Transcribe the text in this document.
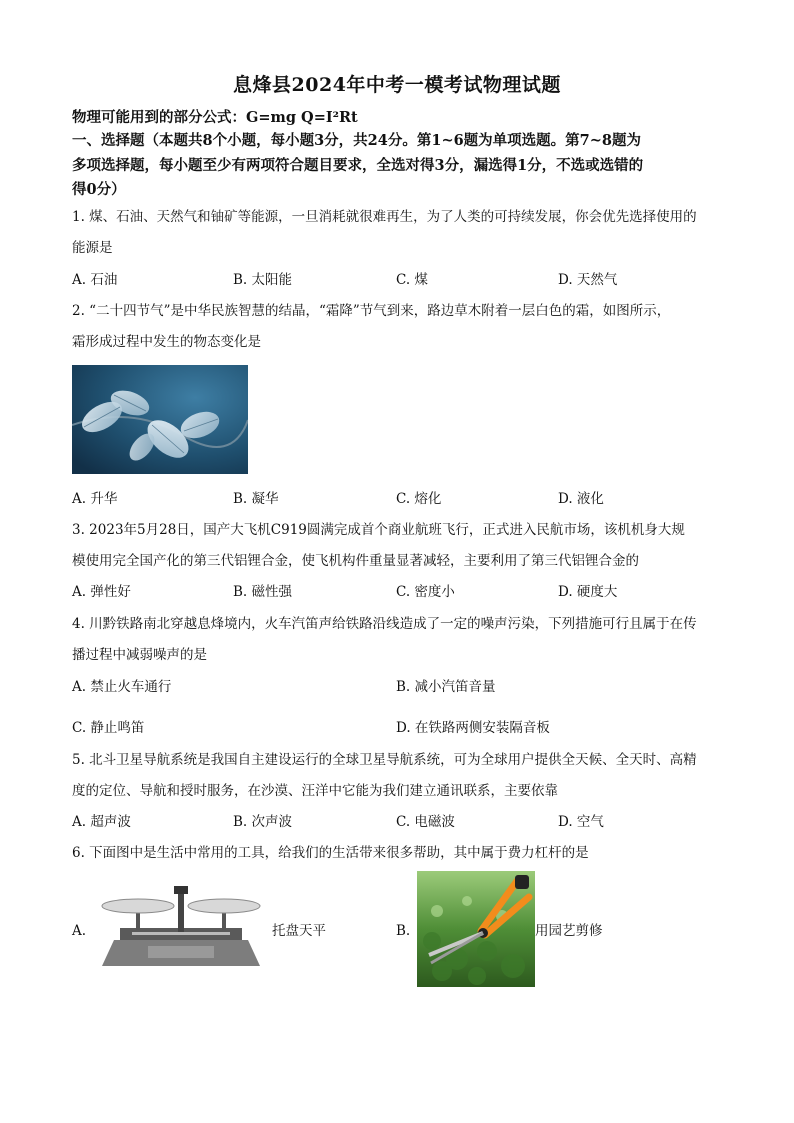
息烽县2024年中考一模考试物理试题
物理可能用到的部分公式：G=mg Q=I²Rt
一、选择题（本题共8个小题，每小题3分，共24分。第1~6题为单项选题。第7~8题为
多项选择题，每小题至少有两项符合题目要求，全选对得3分，漏选得1分，不选或选错的
得0分）
1. 煤、石油、天然气和铀矿等能源，一旦消耗就很难再生，为了人类的可持续发展，你会优先选择使用的
能源是
A. 石油	B. 太阳能	C. 煤	D. 天然气
2. “二十四节气”是中华民族智慧的结晶，“霜降”节气到来，路边草木附着一层白色的霜，如图所示，
霜形成过程中发生的物态变化是
A. 升华	B. 凝华	C. 熔化	D. 液化
3. 2023年5月28日，国产大飞机C919圆满完成首个商业航班飞行，正式进入民航市场，该机机身大规
模使用完全国产化的第三代铝锂合金，使飞机构件重量显著减轻，主要利用了第三代铝锂合金的
A. 弹性好	B. 磁性强	C. 密度小	D. 硬度大
4. 川黔铁路南北穿越息烽境内，火车汽笛声给铁路沿线造成了一定的噪声污染，下列措施可行且属于在传
播过程中减弱噪声的是
A. 禁止火车通行	B. 减小汽笛音量
C. 静止鸣笛	D. 在铁路两侧安装隔音板
5. 北斗卫星导航系统是我国自主建设运行的全球卫星导航系统，可为全球用户提供全天候、全天时、高精
度的定位、导航和授时服务，在沙漠、汪洋中它能为我们建立通讯联系，主要依靠
A. 超声波	B. 次声波	C. 电磁波	D. 空气
6. 下面图中是生活中常用的工具，给我们的生活带来很多帮助，其中属于费力杠杆的是
A.	托盘天平	B.	用园艺剪修
